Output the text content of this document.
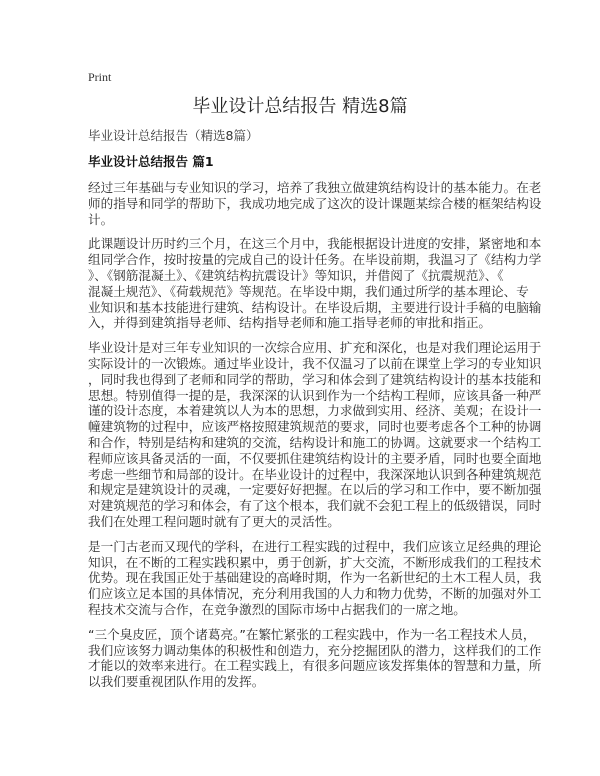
Print
毕业设计总结报告 精选8篇
毕业设计总结报告（精选8篇）
毕业设计总结报告 篇1
经过三年基础与专业知识的学习，培养了我独立做建筑结构设计的基本能力。在老
师的指导和同学的帮助下，我成功地完成了这次的设计课题某综合楼的框架结构设
计。
此课题设计历时约三个月，在这三个月中，我能根据设计进度的安排，紧密地和本
组同学合作，按时按量的完成自己的设计任务。在毕设前期，我温习了《结构力学
》、《钢筋混凝土》、《建筑结构抗震设计》等知识，并借阅了《抗震规范》、《
混凝土规范》、《荷载规范》等规范。在毕设中期，我们通过所学的基本理论、专
业知识和基本技能进行建筑、结构设计。在毕设后期，主要进行设计手稿的电脑输
入，并得到建筑指导老师、结构指导老师和施工指导老师的审批和指正。
毕业设计是对三年专业知识的一次综合应用、扩充和深化，也是对我们理论运用于
实际设计的一次锻炼。通过毕业设计，我不仅温习了以前在课堂上学习的专业知识
，同时我也得到了老师和同学的帮助，学习和体会到了建筑结构设计的基本技能和
思想。特别值得一提的是，我深深的认识到作为一个结构工程师，应该具备一种严
谨的设计态度，本着建筑以人为本的思想，力求做到实用、经济、美观；在设计一
幢建筑物的过程中，应该严格按照建筑规范的要求，同时也要考虑各个工种的协调
和合作，特别是结构和建筑的交流，结构设计和施工的协调。这就要求一个结构工
程师应该具备灵活的一面，不仅要抓住建筑结构设计的主要矛盾，同时也要全面地
考虑一些细节和局部的设计。在毕业设计的过程中，我深深地认识到各种建筑规范
和规定是建筑设计的灵魂，一定要好好把握。在以后的学习和工作中，要不断加强
对建筑规范的学习和体会，有了这个根本，我们就不会犯工程上的低级错误，同时
我们在处理工程问题时就有了更大的灵活性。
是一门古老而又现代的学科，在进行工程实践的过程中，我们应该立足经典的理论
知识，在不断的工程实践积累中，勇于创新，扩大交流，不断形成我们的工程技术
优势。现在我国正处于基础建设的高峰时期，作为一名新世纪的土木工程人员，我
们应该立足本国的具体情况，充分利用我国的人力和物力优势，不断的加强对外工
程技术交流与合作，在竞争激烈的国际市场中占据我们的一席之地。
“三个臭皮匠，顶个诸葛亮。”在繁忙紧张的工程实践中，作为一名工程技术人员，
我们应该努力调动集体的积极性和创造力，充分挖掘团队的潜力，这样我们的工作
才能以的效率来进行。在工程实践上，有很多问题应该发挥集体的智慧和力量，所
以我们要重视团队作用的发挥。
